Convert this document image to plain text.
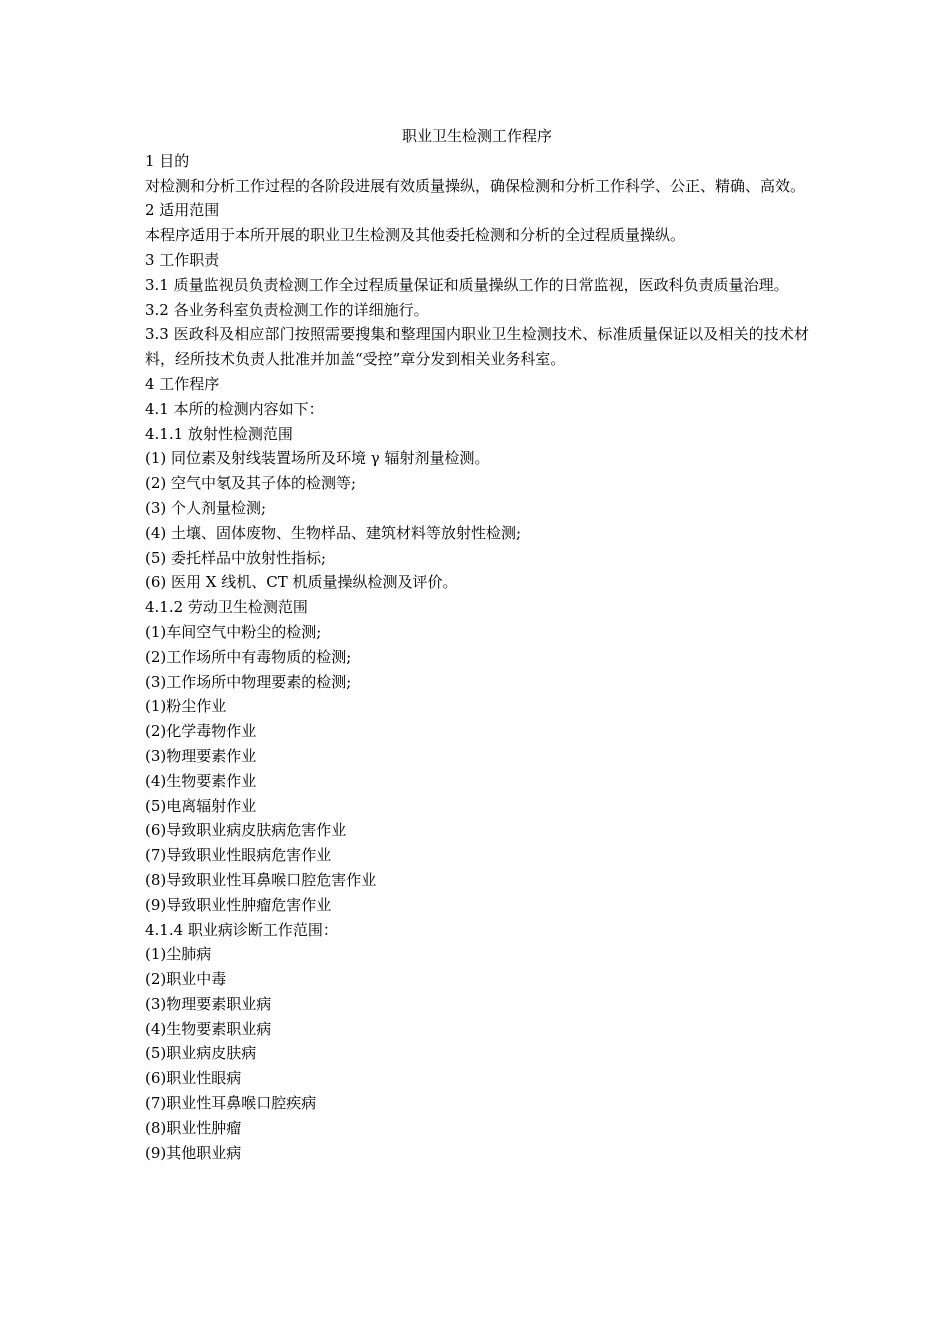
职业卫生检测工作程序

1 目的

对检测和分析工作过程的各阶段进展有效质量操纵，确保检测和分析工作科学、公正、精确、高效。

2 适用范围

本程序适用于本所开展的职业卫生检测及其他委托检测和分析的全过程质量操纵。

3 工作职责

3.1 质量监视员负责检测工作全过程质量保证和质量操纵工作的日常监视，医政科负责质量治理。

3.2 各业务科室负责检测工作的详细施行。

3.3 医政科及相应部门按照需要搜集和整理国内职业卫生检测技术、标准质量保证以及相关的技术材料，经所技术负责人批准并加盖“受控”章分发到相关业务科室。

4 工作程序

4.1 本所的检测内容如下：

4.1.1 放射性检测范围

(1) 同位素及射线装置场所及环境 γ 辐射剂量检测。

(2) 空气中氡及其子体的检测等;

(3) 个人剂量检测;

(4) 土壤、固体废物、生物样品、建筑材料等放射性检测;

(5) 委托样品中放射性指标;

(6) 医用 X 线机、CT 机质量操纵检测及评价。

4.1.2 劳动卫生检测范围

(1)车间空气中粉尘的检测;

(2)工作场所中有毒物质的检测;

(3)工作场所中物理要素的检测;

(1)粉尘作业

(2)化学毒物作业

(3)物理要素作业

(4)生物要素作业

(5)电离辐射作业

(6)导致职业病皮肤病危害作业

(7)导致职业性眼病危害作业

(8)导致职业性耳鼻喉口腔危害作业

(9)导致职业性肿瘤危害作业

4.1.4 职业病诊断工作范围：

(1)尘肺病

(2)职业中毒

(3)物理要素职业病

(4)生物要素职业病

(5)职业病皮肤病

(6)职业性眼病

(7)职业性耳鼻喉口腔疾病

(8)职业性肿瘤

(9)其他职业病
